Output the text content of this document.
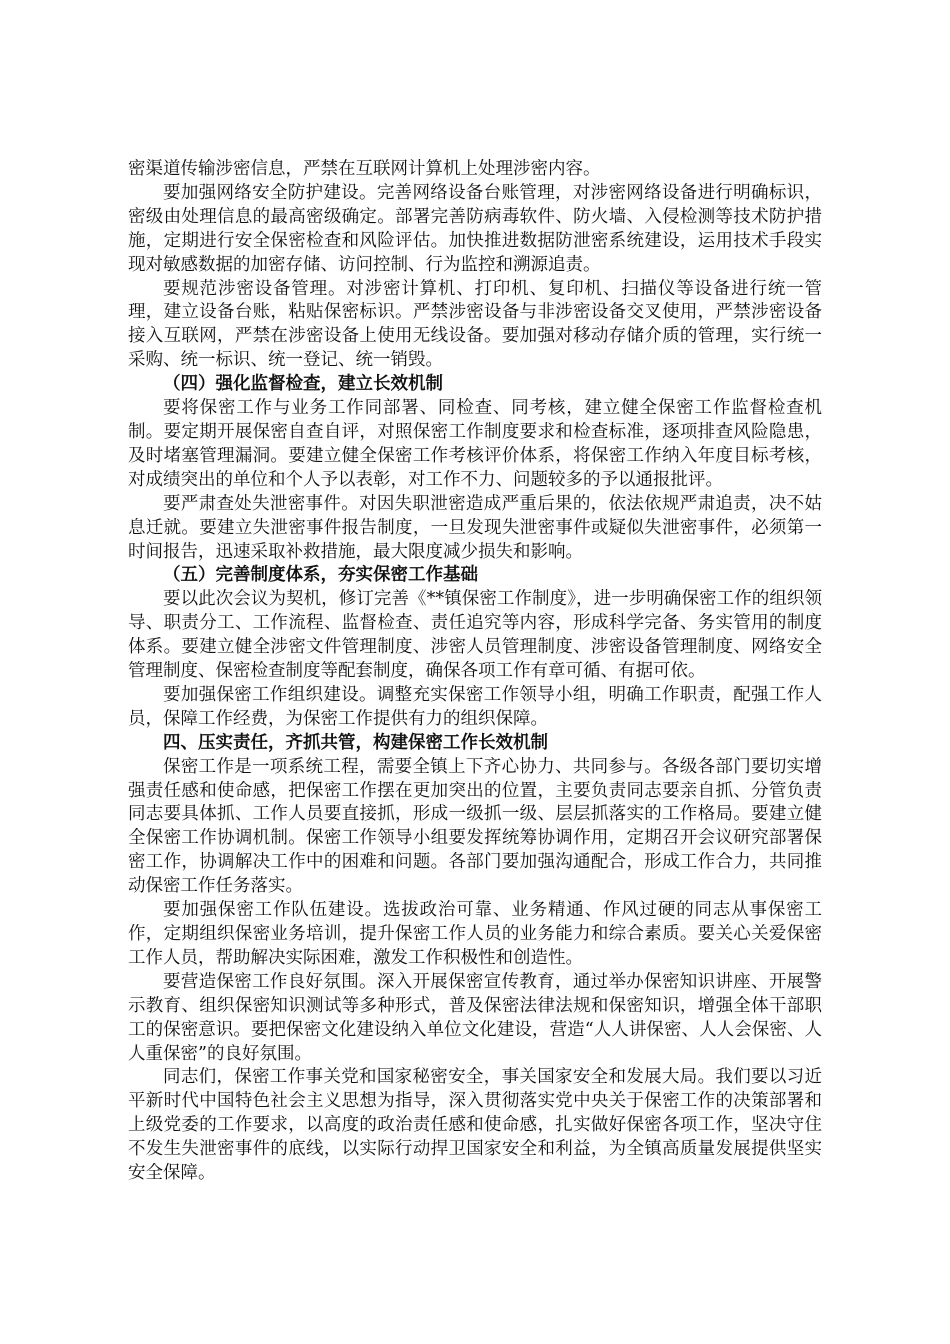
密渠道传输涉密信息，严禁在互联网计算机上处理涉密内容。

要加强网络安全防护建设。完善网络设备台账管理，对涉密网络设备进行明确标识，密级由处理信息的最高密级确定。部署完善防病毒软件、防火墙、入侵检测等技术防护措施，定期进行安全保密检查和风险评估。加快推进数据防泄密系统建设，运用技术手段实现对敏感数据的加密存储、访问控制、行为监控和溯源追责。

要规范涉密设备管理。对涉密计算机、打印机、复印机、扫描仪等设备进行统一管理，建立设备台账，粘贴保密标识。严禁涉密设备与非涉密设备交叉使用，严禁涉密设备接入互联网，严禁在涉密设备上使用无线设备。要加强对移动存储介质的管理，实行统一采购、统一标识、统一登记、统一销毁。

（四）强化监督检查，建立长效机制

要将保密工作与业务工作同部署、同检查、同考核，建立健全保密工作监督检查机制。要定期开展保密自查自评，对照保密工作制度要求和检查标准，逐项排查风险隐患，及时堵塞管理漏洞。要建立健全保密工作考核评价体系，将保密工作纳入年度目标考核，对成绩突出的单位和个人予以表彰，对工作不力、问题较多的予以通报批评。

要严肃查处失泄密事件。对因失职泄密造成严重后果的，依法依规严肃追责，决不姑息迁就。要建立失泄密事件报告制度，一旦发现失泄密事件或疑似失泄密事件，必须第一时间报告，迅速采取补救措施，最大限度减少损失和影响。

（五）完善制度体系，夯实保密工作基础

要以此次会议为契机，修订完善《**镇保密工作制度》，进一步明确保密工作的组织领导、职责分工、工作流程、监督检查、责任追究等内容，形成科学完备、务实管用的制度体系。要建立健全涉密文件管理制度、涉密人员管理制度、涉密设备管理制度、网络安全管理制度、保密检查制度等配套制度，确保各项工作有章可循、有据可依。

要加强保密工作组织建设。调整充实保密工作领导小组，明确工作职责，配强工作人员，保障工作经费，为保密工作提供有力的组织保障。

四、压实责任，齐抓共管，构建保密工作长效机制

保密工作是一项系统工程，需要全镇上下齐心协力、共同参与。各级各部门要切实增强责任感和使命感，把保密工作摆在更加突出的位置，主要负责同志要亲自抓、分管负责同志要具体抓、工作人员要直接抓，形成一级抓一级、层层抓落实的工作格局。要建立健全保密工作协调机制。保密工作领导小组要发挥统筹协调作用，定期召开会议研究部署保密工作，协调解决工作中的困难和问题。各部门要加强沟通配合，形成工作合力，共同推动保密工作任务落实。

要加强保密工作队伍建设。选拔政治可靠、业务精通、作风过硬的同志从事保密工作，定期组织保密业务培训，提升保密工作人员的业务能力和综合素质。要关心关爱保密工作人员，帮助解决实际困难，激发工作积极性和创造性。

要营造保密工作良好氛围。深入开展保密宣传教育，通过举办保密知识讲座、开展警示教育、组织保密知识测试等多种形式，普及保密法律法规和保密知识，增强全体干部职工的保密意识。要把保密文化建设纳入单位文化建设，营造“人人讲保密、人人会保密、人人重保密”的良好氛围。

同志们，保密工作事关党和国家秘密安全，事关国家安全和发展大局。我们要以习近平新时代中国特色社会主义思想为指导，深入贯彻落实党中央关于保密工作的决策部署和上级党委的工作要求，以高度的政治责任感和使命感，扎实做好保密各项工作，坚决守住不发生失泄密事件的底线，以实际行动捍卫国家安全和利益，为全镇高质量发展提供坚实安全保障。
